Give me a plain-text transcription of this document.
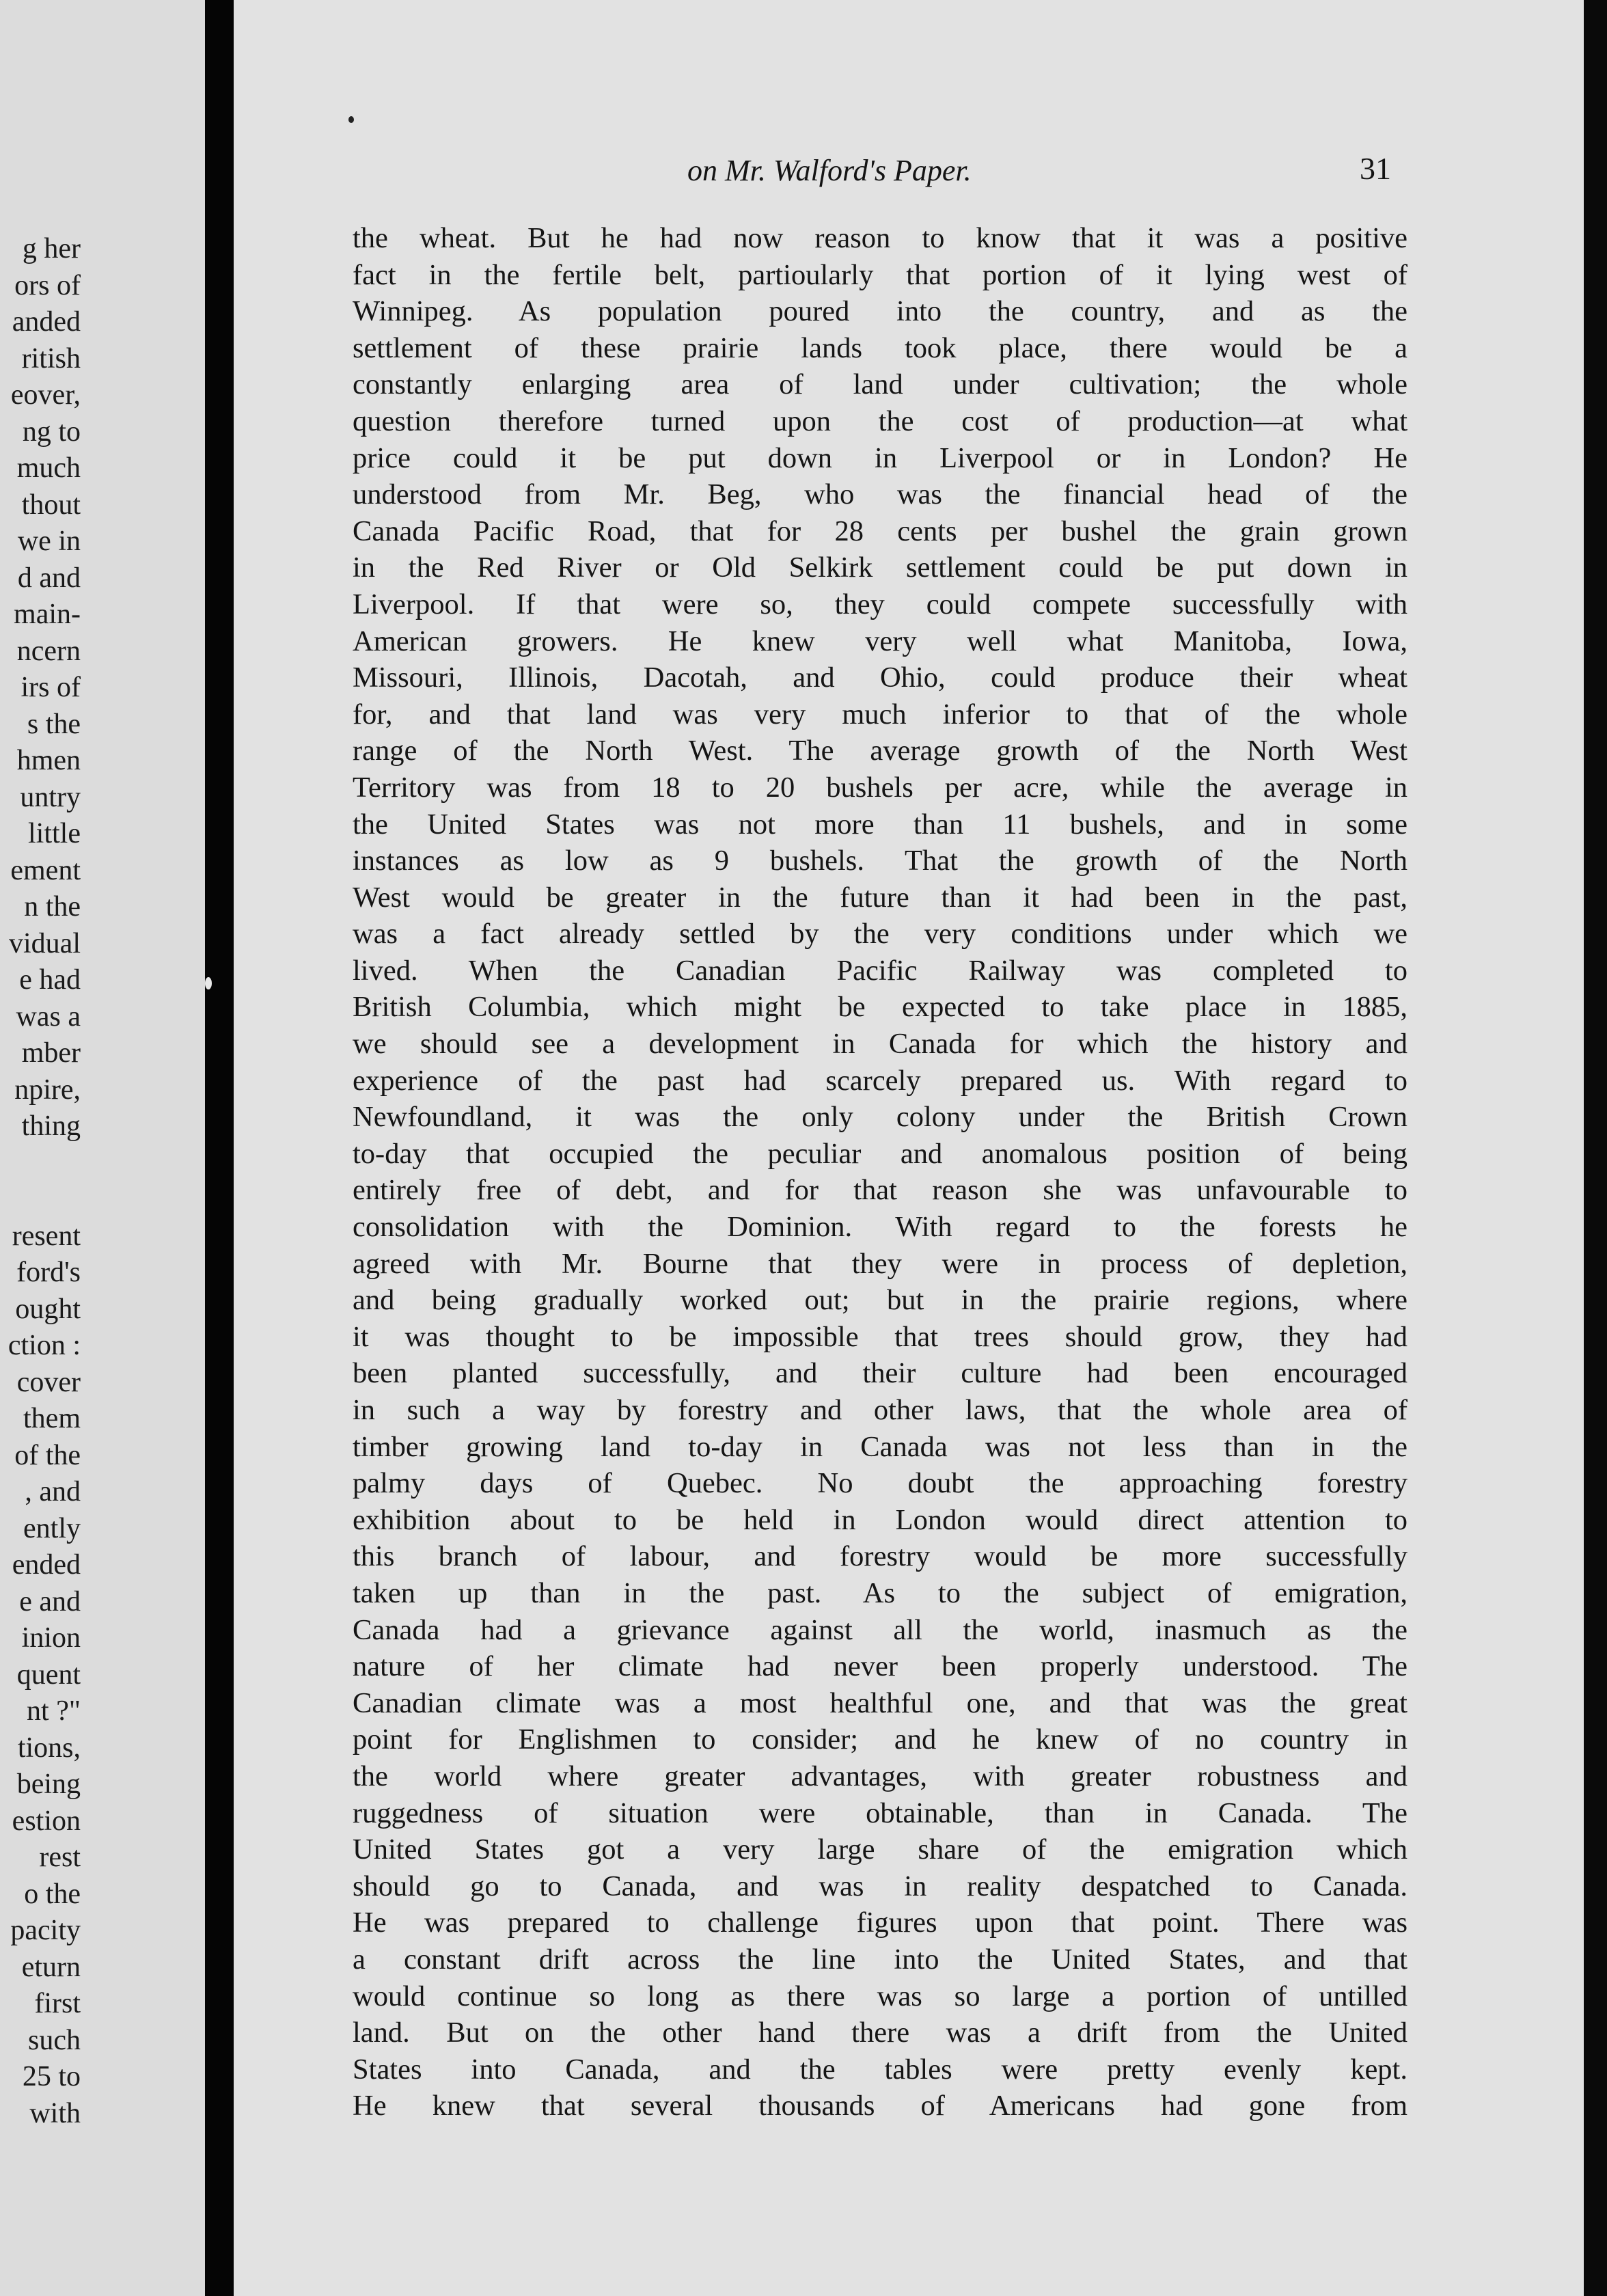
g her
ors of
anded
ritish
eover,
ng to
much
thout
we in
d and
main-
ncern
irs of
s the
hmen
untry
little
ement
n the
vidual
e had
was a
mber
npire,
thing
resent
ford's
ought
ction :
cover
them
of the
, and
ently
ended
e and
inion
quent
nt ?"
tions,
being
estion
rest
o the
pacity
eturn
first
such
25 to
with
on Mr. Walford's Paper.	31
the wheat. But he had now reason to know that it was a positive
fact in the fertile belt, partioularly that portion of it lying west of
Winnipeg. As population poured into the country, and as the
settlement of these prairie lands took place, there would be a
constantly enlarging area of land under cultivation; the whole
question therefore turned upon the cost of production—at what
price could it be put down in Liverpool or in London? He
understood from Mr. Beg, who was the financial head of the
Canada Pacific Road, that for 28 cents per bushel the grain grown
in the Red River or Old Selkirk settlement could be put down in
Liverpool. If that were so, they could compete successfully with
American growers. He knew very well what Manitoba, Iowa,
Missouri, Illinois, Dacotah, and Ohio, could produce their wheat
for, and that land was very much inferior to that of the whole
range of the North West. The average growth of the North West
Territory was from 18 to 20 bushels per acre, while the average in
the United States was not more than 11 bushels, and in some
instances as low as 9 bushels. That the growth of the North
West would be greater in the future than it had been in the past,
was a fact already settled by the very conditions under which we
lived. When the Canadian Pacific Railway was completed to
British Columbia, which might be expected to take place in 1885,
we should see a development in Canada for which the history and
experience of the past had scarcely prepared us. With regard to
Newfoundland, it was the only colony under the British Crown
to-day that occupied the peculiar and anomalous position of being
entirely free of debt, and for that reason she was unfavourable to
consolidation with the Dominion. With regard to the forests he
agreed with Mr. Bourne that they were in process of depletion,
and being gradually worked out; but in the prairie regions, where
it was thought to be impossible that trees should grow, they had
been planted successfully, and their culture had been encouraged
in such a way by forestry and other laws, that the whole area of
timber growing land to-day in Canada was not less than in the
palmy days of Quebec. No doubt the approaching forestry
exhibition about to be held in London would direct attention to
this branch of labour, and forestry would be more successfully
taken up than in the past. As to the subject of emigration,
Canada had a grievance against all the world, inasmuch as the
nature of her climate had never been properly understood. The
Canadian climate was a most healthful one, and that was the great
point for Englishmen to consider; and he knew of no country in
the world where greater advantages, with greater robustness and
ruggedness of situation were obtainable, than in Canada. The
United States got a very large share of the emigration which
should go to Canada, and was in reality despatched to Canada.
He was prepared to challenge figures upon that point. There was
a constant drift across the line into the United States, and that
would continue so long as there was so large a portion of untilled
land. But on the other hand there was a drift from the United
States into Canada, and the tables were pretty evenly kept.
He knew that several thousands of Americans had gone from
